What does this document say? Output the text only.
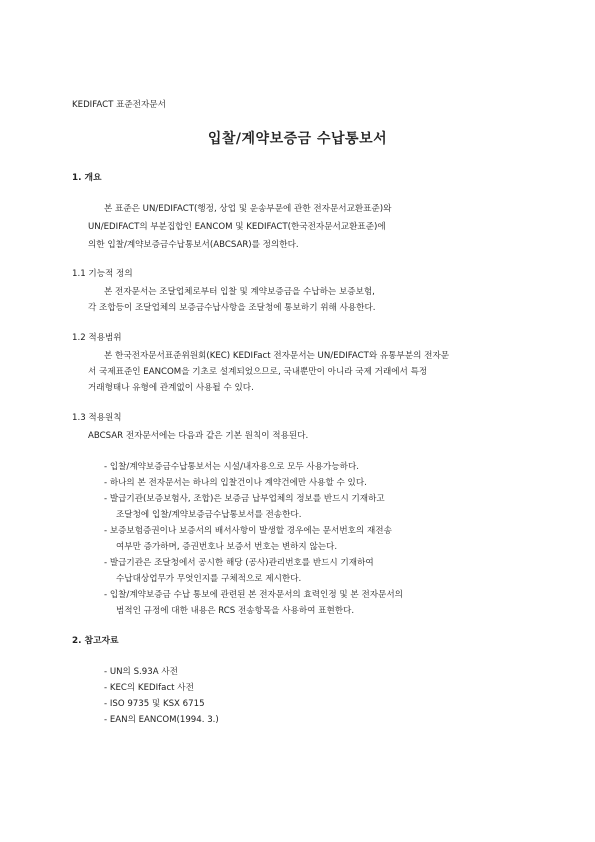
KEDIFACT 표준전자문서
입찰/계약보증금 수납통보서
1. 개요
본 표준은 UN/EDIFACT(행정, 상업 및 운송부문에 관한 전자문서교환표준)와
UN/EDIFACT의 부분집합인 EANCOM 및 KEDIFACT(한국전자문서교환표준)에
의한 입찰/계약보증금수납통보서(ABCSAR)를 정의한다.
1.1 기능적 정의
본 전자문서는 조달업체로부터 입찰 및 계약보증금을 수납하는 보증보험,
각 조합등이 조달업체의 보증금수납사항을 조달청에 통보하기 위해 사용한다.
1.2 적용범위
본 한국전자문서표준위원회(KEC) KEDIFact 전자문서는 UN/EDIFACT와 유통부분의 전자문
서 국제표준인 EANCOM을 기초로 설계되었으므로, 국내뿐만이 아니라 국제 거래에서 특정
거래형태나 유형에 관계없이 사용될 수 있다.
1.3 적용원칙
ABCSAR 전자문서에는 다음과 같은 기본 원칙이 적용된다.
- 입찰/계약보증금수납통보서는 시설/내자용으로 모두 사용가능하다.
- 하나의 본 전자문서는 하나의 입찰건이나 계약건에만 사용할 수 있다.
- 발급기관(보증보험사, 조합)은 보증금 납부업체의 정보를 반드시 기재하고
조달청에 입찰/계약보증금수납통보서를 전송한다.
- 보증보험증권이나 보증서의 배서사항이 발생할 경우에는 문서번호의 재전송
여부만 증가하며, 증권번호나 보증서 번호는 변하지 않는다.
- 발급기관은 조달청에서 공시한 해당 (공사)관리번호를 반드시 기재하여
수납대상업무가 무엇인지를 구체적으로 제시한다.
- 입찰/계약보증금 수납 통보에 관련된 본 전자문서의 효력인정 및 본 전자문서의
범적인 규정에 대한 내용은 RCS 전송항목을 사용하여 표현한다.
2. 참고자료
- UN의 S.93A 사전
- KEC의 KEDIfact 사전
- ISO 9735 및 KSX 6715
- EAN의 EANCOM(1994. 3.)
